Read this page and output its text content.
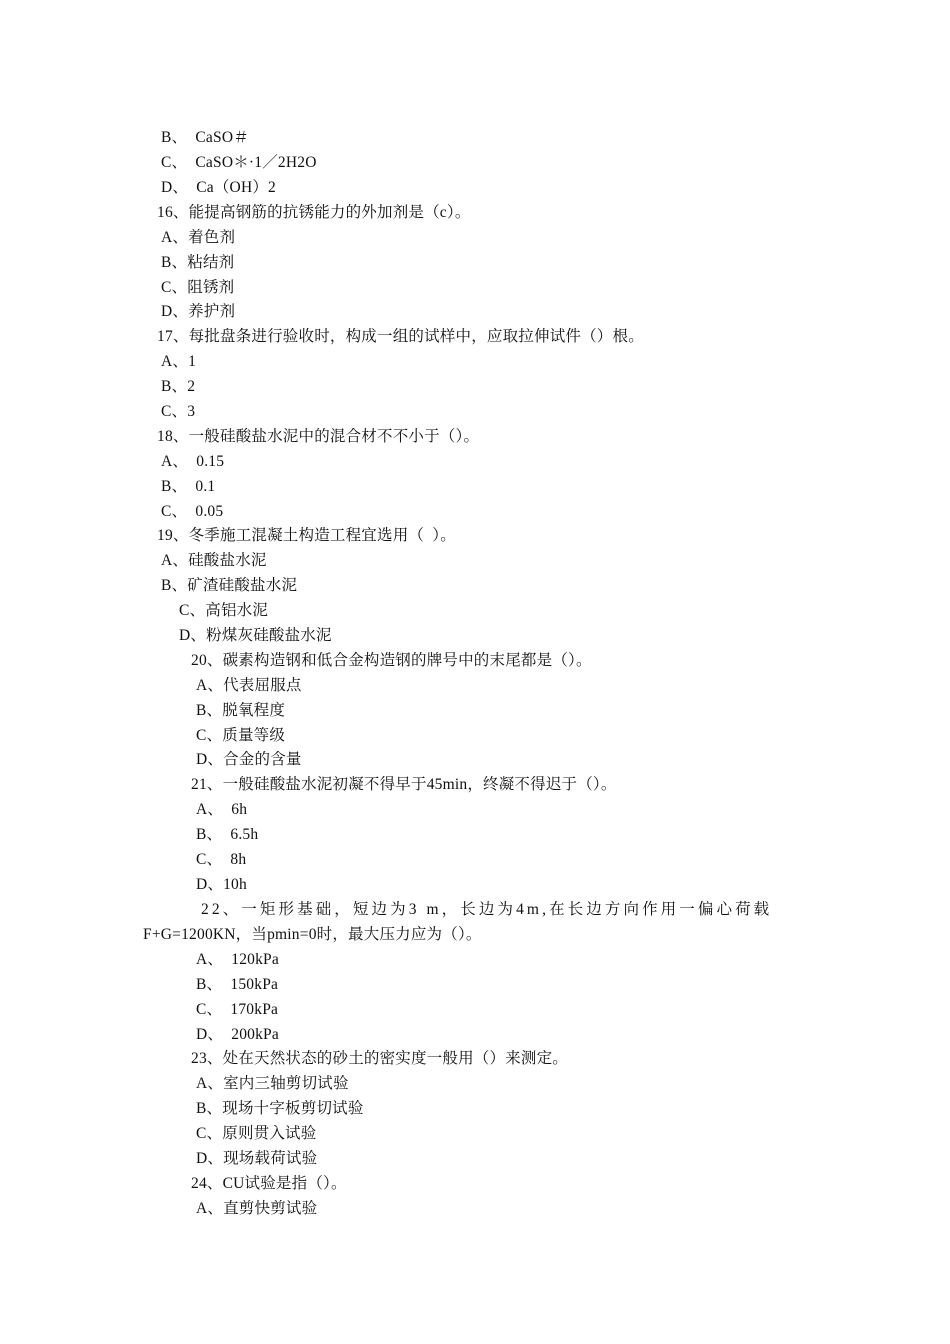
B、  CaSO＃
C、  CaSO＊·1／2H2O
D、  Ca（OH）2
16、能提高钢筋的抗锈能力的外加剂是（c）。
A、着色剂
B、粘结剂
C、阻锈剂
D、养护剂
17、每批盘条进行验收时，构成一组的试样中，应取拉伸试件（）根。
A、1
B、2
C、3
18、一般硅酸盐水泥中的混合材不不小于（）。
A、  0.15
B、  0.1
C、  0.05
19、冬季施工混凝土构造工程宜选用（  ）。
A、硅酸盐水泥
B、矿渣硅酸盐水泥
C、高铝水泥
D、粉煤灰硅酸盐水泥
20、碳素构造钢和低合金构造钢的牌号中的末尾都是（）。
A、代表屈服点
B、脱氧程度
C、质量等级
D、合金的含量
21、一般硅酸盐水泥初凝不得早于45min，终凝不得迟于（）。
A、  6h
B、  6.5h
C、  8h
D、10h
22、一矩形基础，短边为3 m，长边为4m,在长边方向作用一偏心荷载
F+G=1200KN，当pmin=0时，最大压力应为（）。
A、  120kPa
B、  150kPa
C、  170kPa
D、  200kPa
23、处在天然状态的砂土的密实度一般用（）来测定。
A、室内三轴剪切试验
B、现场十字板剪切试验
C、原则贯入试验
D、现场载荷试验
24、CU试验是指（）。
A、直剪快剪试验
